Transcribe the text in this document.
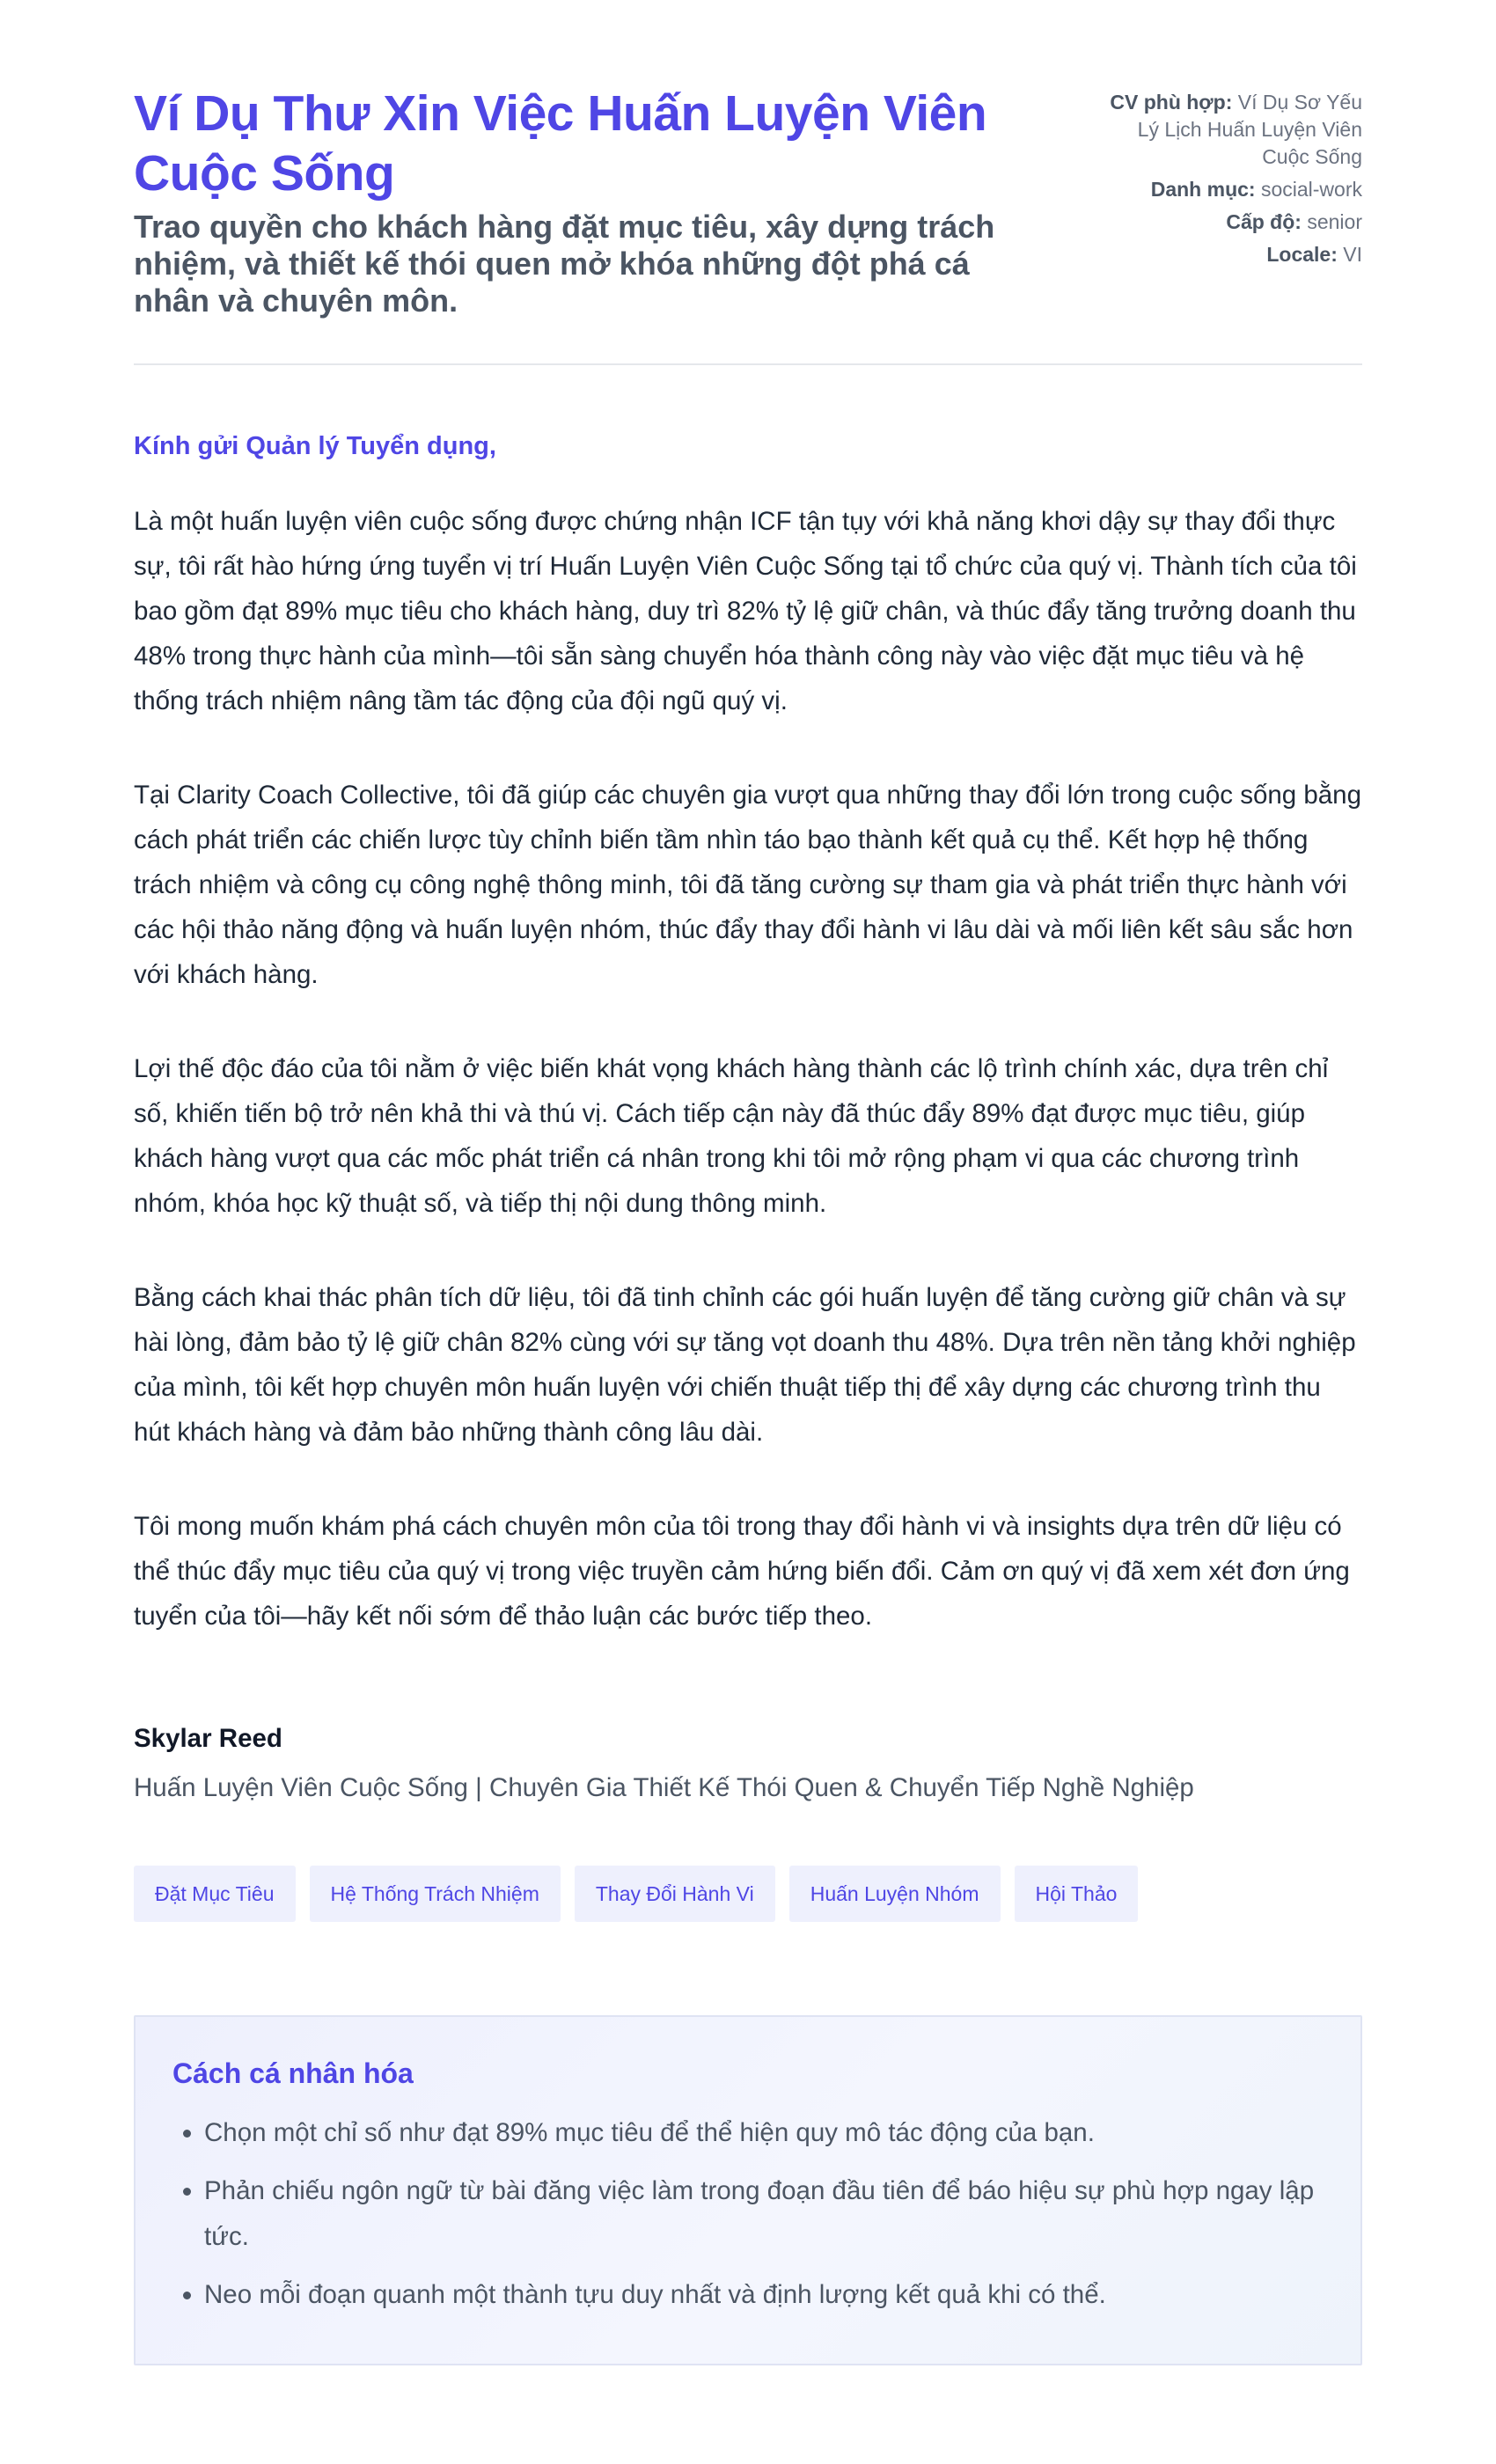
Ví Dụ Thư Xin Việc Huấn Luyện Viên Cuộc Sống

Trao quyền cho khách hàng đặt mục tiêu, xây dựng trách nhiệm, và thiết kế thói quen mở khóa những đột phá cá nhân và chuyên môn.

CV phù hợp: Ví Dụ Sơ Yếu Lý Lịch Huấn Luyện Viên Cuộc Sống
Danh mục: social-work
Cấp độ: senior
Locale: VI

Kính gửi Quản lý Tuyển dụng,

Là một huấn luyện viên cuộc sống được chứng nhận ICF tận tụy với khả năng khơi dậy sự thay đổi thực sự, tôi rất hào hứng ứng tuyển vị trí Huấn Luyện Viên Cuộc Sống tại tổ chức của quý vị. Thành tích của tôi bao gồm đạt 89% mục tiêu cho khách hàng, duy trì 82% tỷ lệ giữ chân, và thúc đẩy tăng trưởng doanh thu 48% trong thực hành của mình—tôi sẵn sàng chuyển hóa thành công này vào việc đặt mục tiêu và hệ thống trách nhiệm nâng tầm tác động của đội ngũ quý vị.

Tại Clarity Coach Collective, tôi đã giúp các chuyên gia vượt qua những thay đổi lớn trong cuộc sống bằng cách phát triển các chiến lược tùy chỉnh biến tầm nhìn táo bạo thành kết quả cụ thể. Kết hợp hệ thống trách nhiệm và công cụ công nghệ thông minh, tôi đã tăng cường sự tham gia và phát triển thực hành với các hội thảo năng động và huấn luyện nhóm, thúc đẩy thay đổi hành vi lâu dài và mối liên kết sâu sắc hơn với khách hàng.

Lợi thế độc đáo của tôi nằm ở việc biến khát vọng khách hàng thành các lộ trình chính xác, dựa trên chỉ số, khiến tiến bộ trở nên khả thi và thú vị. Cách tiếp cận này đã thúc đẩy 89% đạt được mục tiêu, giúp khách hàng vượt qua các mốc phát triển cá nhân trong khi tôi mở rộng phạm vi qua các chương trình nhóm, khóa học kỹ thuật số, và tiếp thị nội dung thông minh.

Bằng cách khai thác phân tích dữ liệu, tôi đã tinh chỉnh các gói huấn luyện để tăng cường giữ chân và sự hài lòng, đảm bảo tỷ lệ giữ chân 82% cùng với sự tăng vọt doanh thu 48%. Dựa trên nền tảng khởi nghiệp của mình, tôi kết hợp chuyên môn huấn luyện với chiến thuật tiếp thị để xây dựng các chương trình thu hút khách hàng và đảm bảo những thành công lâu dài.

Tôi mong muốn khám phá cách chuyên môn của tôi trong thay đổi hành vi và insights dựa trên dữ liệu có thể thúc đẩy mục tiêu của quý vị trong việc truyền cảm hứng biến đổi. Cảm ơn quý vị đã xem xét đơn ứng tuyển của tôi—hãy kết nối sớm để thảo luận các bước tiếp theo.

Skylar Reed

Huấn Luyện Viên Cuộc Sống | Chuyên Gia Thiết Kế Thói Quen & Chuyển Tiếp Nghề Nghiệp

Đặt Mục Tiêu	Hệ Thống Trách Nhiệm	Thay Đổi Hành Vi	Huấn Luyện Nhóm	Hội Thảo
Cách cá nhân hóa
• Chọn một chỉ số như đạt 89% mục tiêu để thể hiện quy mô tác động của bạn.
• Phản chiếu ngôn ngữ từ bài đăng việc làm trong đoạn đầu tiên để báo hiệu sự phù hợp ngay lập tức.
• Neo mỗi đoạn quanh một thành tựu duy nhất và định lượng kết quả khi có thể.
